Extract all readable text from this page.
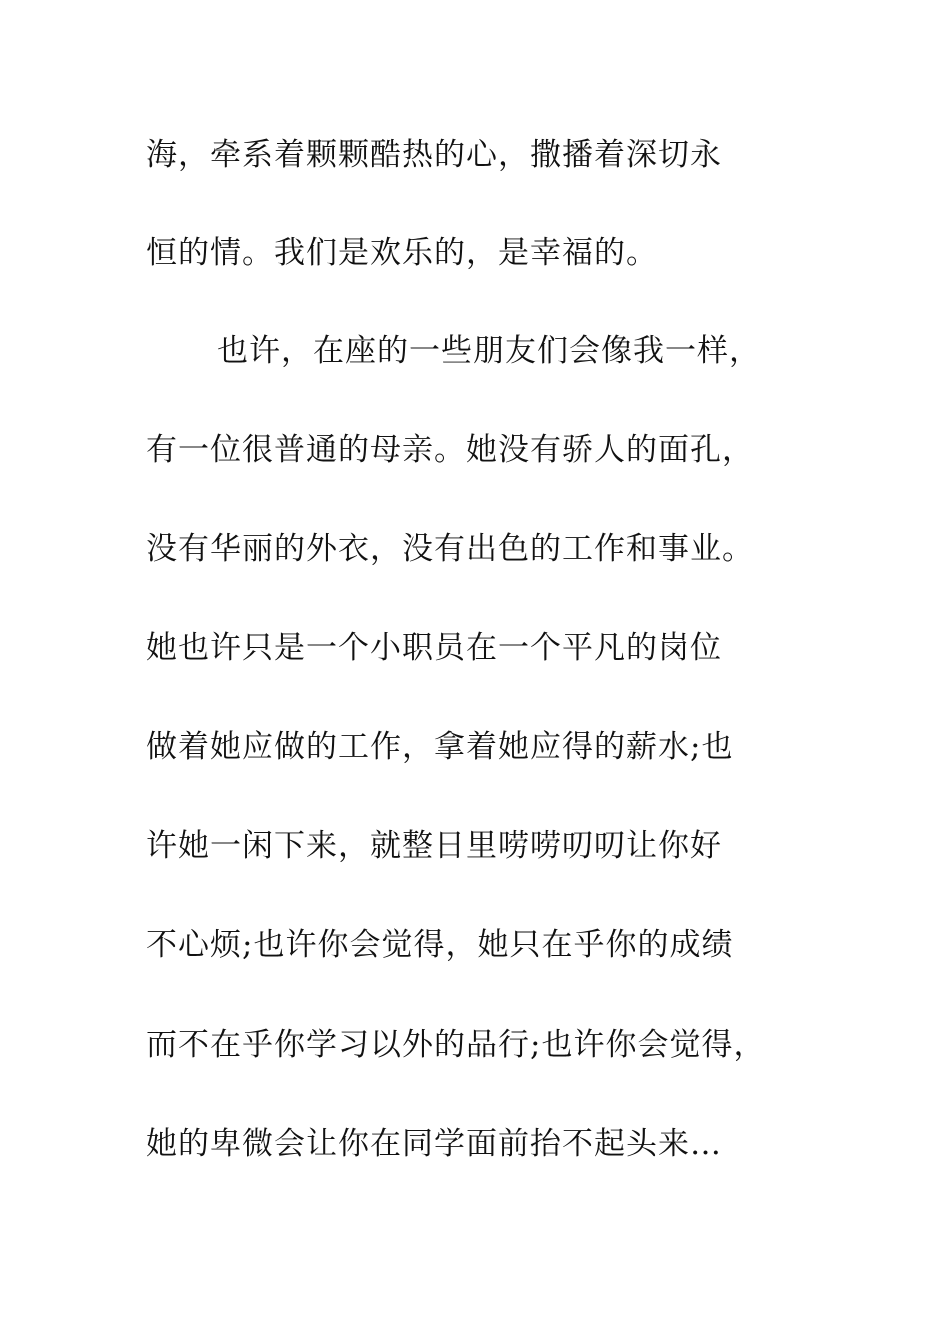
海，牵系着颗颗酷热的心，撒播着深切永
恒的情。我们是欢乐的，是幸福的。
也许，在座的一些朋友们会像我一样，
有一位很普通的母亲。她没有骄人的面孔，
没有华丽的外衣，没有出色的工作和事业。
她也许只是一个小职员在一个平凡的岗位
做着她应做的工作，拿着她应得的薪水;也
许她一闲下来，就整日里唠唠叨叨让你好
不心烦;也许你会觉得，她只在乎你的成绩
而不在乎你学习以外的品行;也许你会觉得，
她的卑微会让你在同学面前抬不起头来…
